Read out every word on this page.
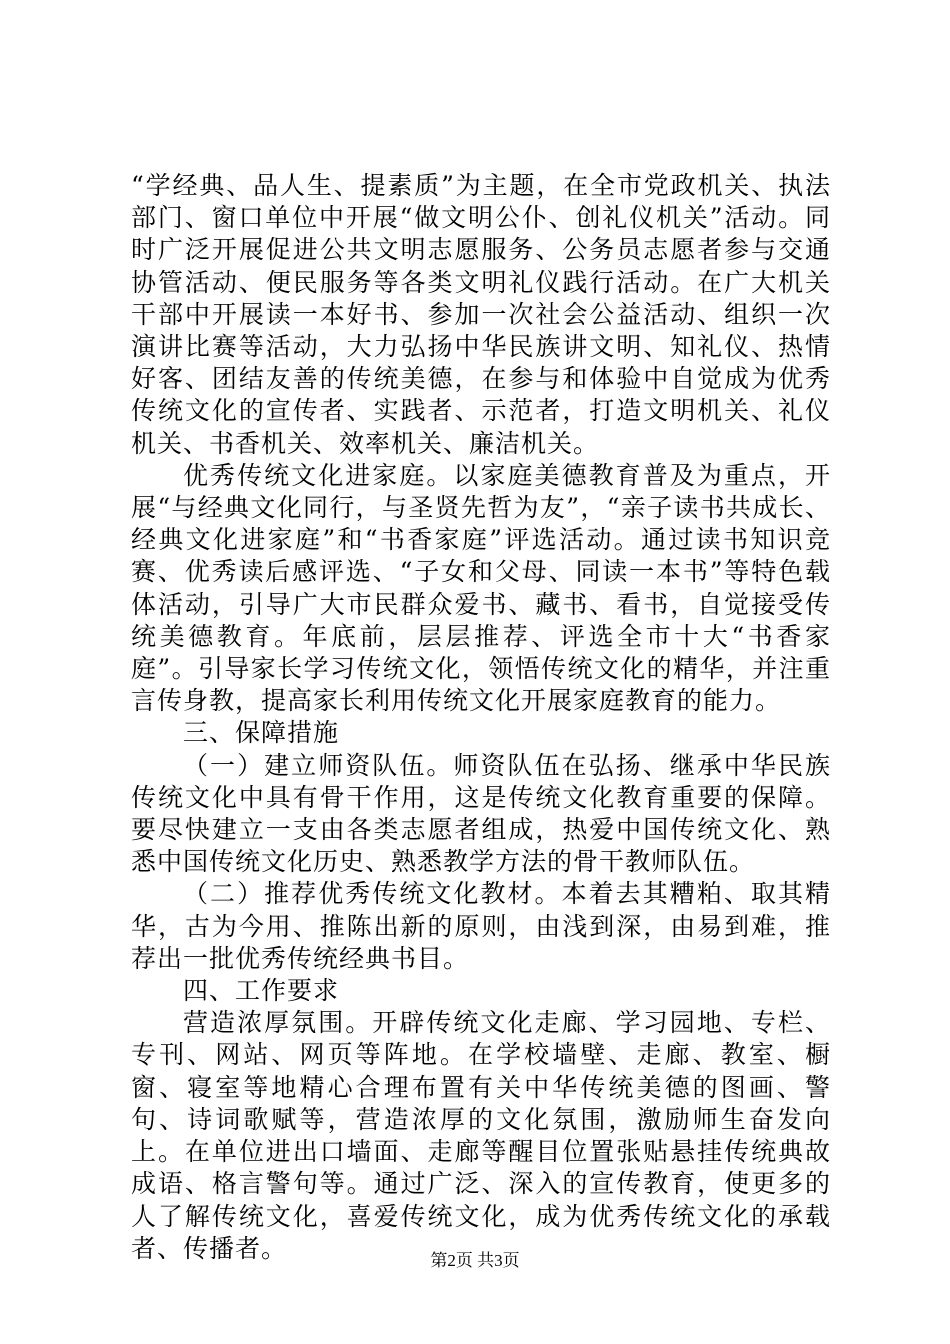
“学经典、品人生、提素质”为主题，在全市党政机关、执法部门、窗口单位中开展“做文明公仆、创礼仪机关”活动。同时广泛开展促进公共文明志愿服务、公务员志愿者参与交通协管活动、便民服务等各类文明礼仪践行活动。在广大机关干部中开展读一本好书、参加一次社会公益活动、组织一次演讲比赛等活动，大力弘扬中华民族讲文明、知礼仪、热情好客、团结友善的传统美德，在参与和体验中自觉成为优秀传统文化的宣传者、实践者、示范者，打造文明机关、礼仪机关、书香机关、效率机关、廉洁机关。

优秀传统文化进家庭。以家庭美德教育普及为重点，开展“与经典文化同行，与圣贤先哲为友”，“亲子读书共成长、经典文化进家庭”和“书香家庭”评选活动。通过读书知识竞赛、优秀读后感评选、“子女和父母、同读一本书”等特色载体活动，引导广大市民群众爱书、藏书、看书，自觉接受传统美德教育。年底前，层层推荐、评选全市十大“书香家庭”。引导家长学习传统文化，领悟传统文化的精华，并注重言传身教，提高家长利用传统文化开展家庭教育的能力。

三、保障措施

（一）建立师资队伍。师资队伍在弘扬、继承中华民族传统文化中具有骨干作用，这是传统文化教育重要的保障。要尽快建立一支由各类志愿者组成，热爱中国传统文化、熟悉中国传统文化历史、熟悉教学方法的骨干教师队伍。

（二）推荐优秀传统文化教材。本着去其糟粕、取其精华，古为今用、推陈出新的原则，由浅到深，由易到难，推荐出一批优秀传统经典书目。

四、工作要求

营造浓厚氛围。开辟传统文化走廊、学习园地、专栏、专刊、网站、网页等阵地。在学校墙壁、走廊、教室、橱窗、寝室等地精心合理布置有关中华传统美德的图画、警句、诗词歌赋等，营造浓厚的文化氛围，激励师生奋发向上。在单位进出口墙面、走廊等醒目位置张贴悬挂传统典故成语、格言警句等。通过广泛、深入的宣传教育，使更多的人了解传统文化，喜爱传统文化，成为优秀传统文化的承载者、传播者。	第2页 共3页
